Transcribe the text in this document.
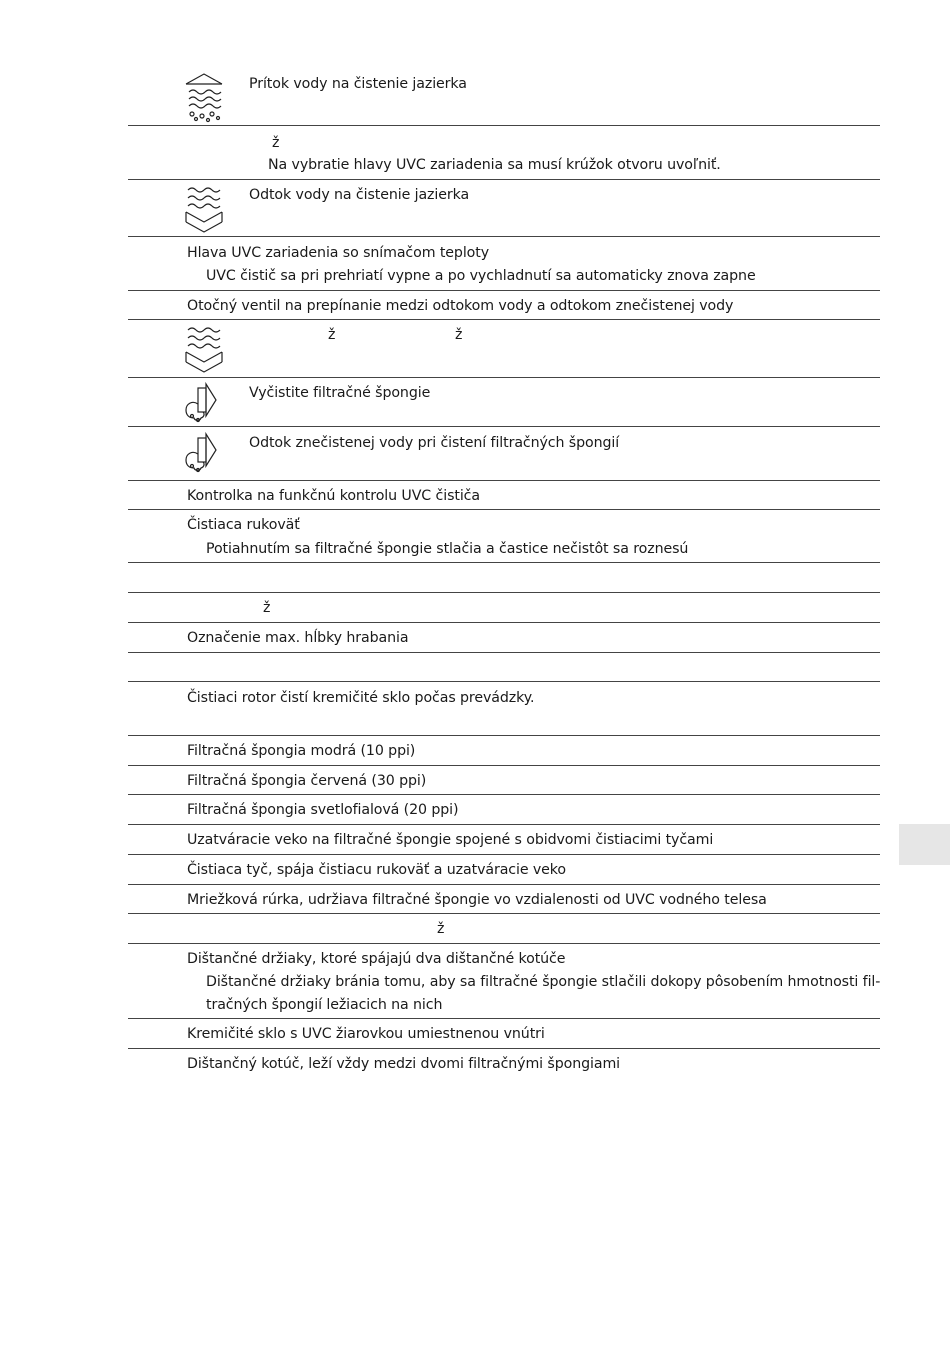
Prítok vody na čistenie jazierka
ž
Na vybratie hlavy UVC zariadenia sa musí krúžok otvoru uvoľniť.
Odtok vody na čistenie jazierka
Hlava UVC zariadenia so snímačom teploty
UVC čistič sa pri prehriatí vypne a po vychladnutí sa automaticky znova zapne
Otočný ventil na prepínanie medzi odtokom vody a odtokom znečistenej vody
ž	ž
Vyčistite filtračné špongie
Odtok znečistenej vody pri čistení filtračných špongií
Kontrolka na funkčnú kontrolu UVC čističa
Čistiaca rukoväť
Potiahnutím sa filtračné špongie stlačia a častice nečistôt sa roznesú
ž
Označenie max. hĺbky hrabania
Čistiaci rotor čistí kremičité sklo počas prevádzky.
Filtračná špongia modrá (10 ppi)
Filtračná špongia červená (30 ppi)
Filtračná špongia svetlofialová (20 ppi)
Uzatváracie veko na filtračné špongie spojené s obidvomi čistiacimi tyčami
Čistiaca tyč, spája čistiacu rukoväť a uzatváracie veko
Mriežková rúrka, udržiava filtračné špongie vo vzdialenosti od UVC vodného telesa
ž
Dištančné držiaky, ktoré spájajú dva dištančné kotúče
Dištančné držiaky bránia tomu, aby sa filtračné špongie stlačili dokopy pôsobením hmotnosti fil-
tračných špongií ležiacich na nich
Kremičité sklo s UVC žiarovkou umiestnenou vnútri
Dištančný kotúč, leží vždy medzi dvomi filtračnými špongiami
